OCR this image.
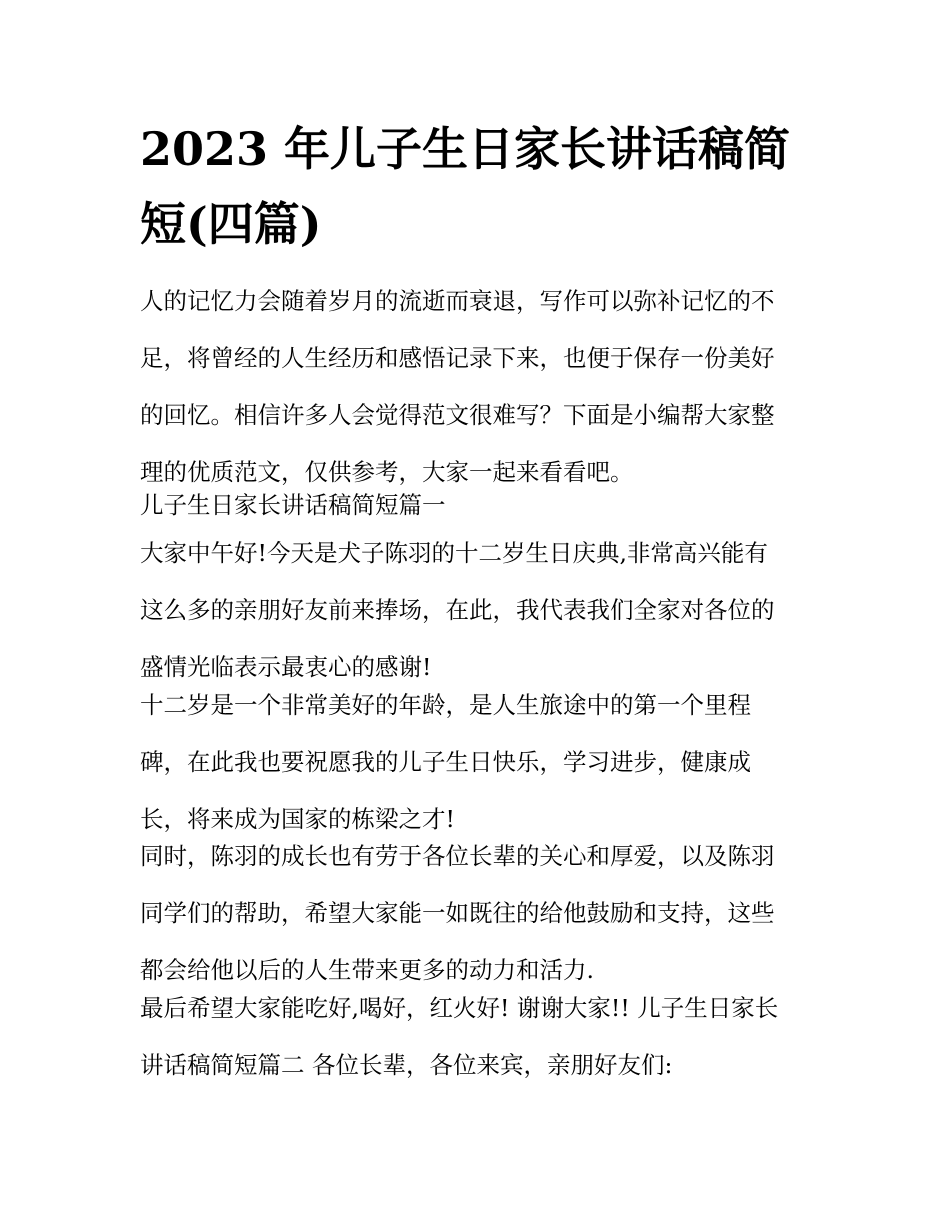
2023 年儿子生日家长讲话稿简
短(四篇)
人的记忆力会随着岁月的流逝而衰退，写作可以弥补记忆的不
足，将曾经的人生经历和感悟记录下来，也便于保存一份美好
的回忆。相信许多人会觉得范文很难写？下面是小编帮大家整
理的优质范文，仅供参考，大家一起来看看吧。
儿子生日家长讲话稿简短篇一
大家中午好!今天是犬子陈羽的十二岁生日庆典,非常高兴能有
这么多的亲朋好友前来捧场，在此，我代表我们全家对各位的
盛情光临表示最衷心的感谢!
十二岁是一个非常美好的年龄，是人生旅途中的第一个里程
碑，在此我也要祝愿我的儿子生日快乐，学习进步，健康成
长，将来成为国家的栋梁之才!
同时，陈羽的成长也有劳于各位长辈的关心和厚爱，以及陈羽
同学们的帮助，希望大家能一如既往的给他鼓励和支持，这些
都会给他以后的人生带来更多的动力和活力.
最后希望大家能吃好,喝好，红火好! 谢谢大家!! 儿子生日家长
讲话稿简短篇二 各位长辈，各位来宾，亲朋好友们:
